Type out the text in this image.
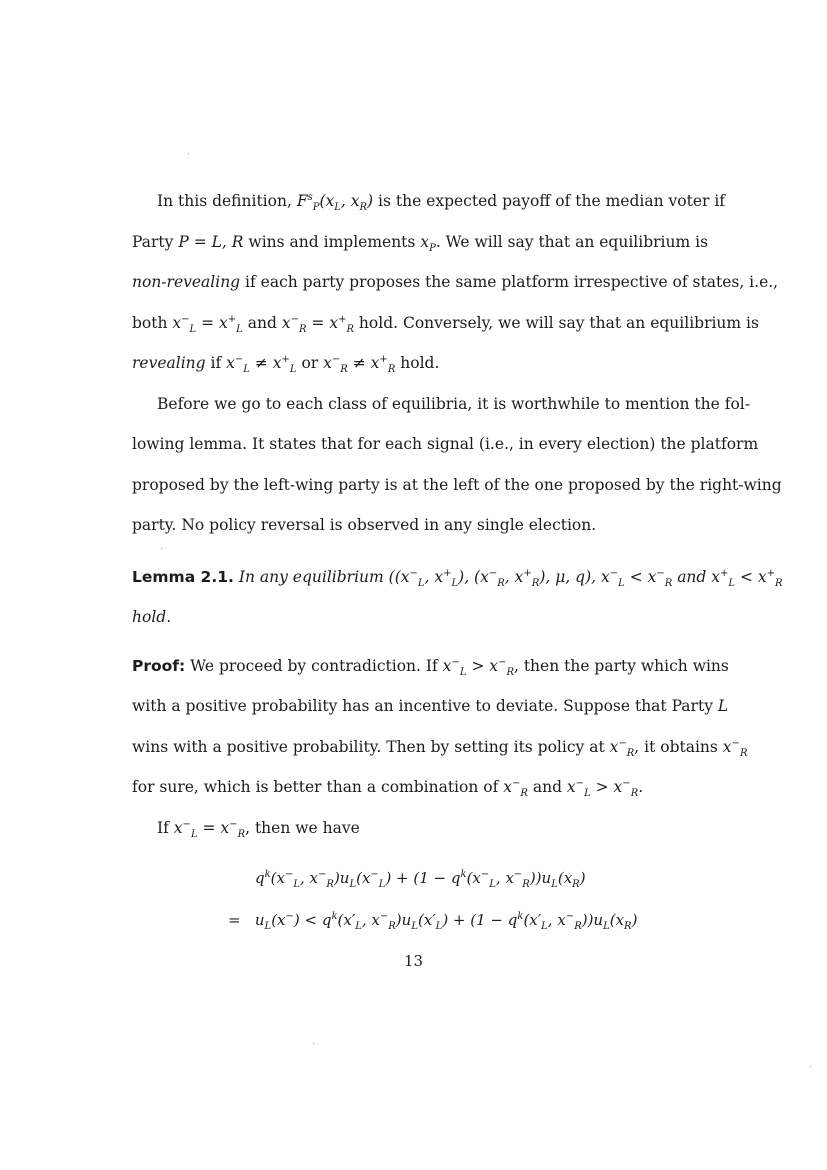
In this definition, $F^s_P(x_L$, $x_R$) is the expected payoff of the median voter if
Party P = L, R wins and implements $x_P$. We will say that an equilibrium is
non-revealing if each party proposes the same platform irrespective of states, i.e.,
both $x^-_L = x^+_L$ and $x^-_R = x^+_R$ hold. Conversely, we will say that an equilibrium is
revealing if $x^-_L \ne x^+_L$ or $x^-_R \ne x^+_R$ hold.
Before we go to each class of equilibria, it is worthwhile to mention the fol-
lowing lemma. It states that for each signal (i.e., in every election) the platform
proposed by the left-wing party is at the left of the one proposed by the right-wing
party. No policy reversal is observed in any single election.
Lemma 2.1. In any equilibrium (($x^-_L$, $x^+_L$), ($x^-_R$, $x^+_R$), μ, q), $x^-_L < x^-_R$ and $x^+_L < x^+_R$
hold.
Proof: We proceed by contradiction. If $x^-_L > x^-_R$, then the party which wins
with a positive probability has an incentive to deviate. Suppose that Party L
wins with a positive probability. Then by setting its policy at $x^-_R$, it obtains $x^-_R$
for sure, which is better than a combination of $x^-_R$ and $x^-_L > x^-_R$.
If $x^-_L = x^-_R$, then we have
$q^k(x^-_L$, $x^-_R)u_L(x^-_L) + (1 - q^k(x^-_L$, $x^-_R))u_L(x_R)$
=   $u_L(x^-) < q^k(x'_L$, $x^-_R)u_L(x'_L) + (1 - q^k(x'_L$, $x^-_R))u_L(x_R)$
13
